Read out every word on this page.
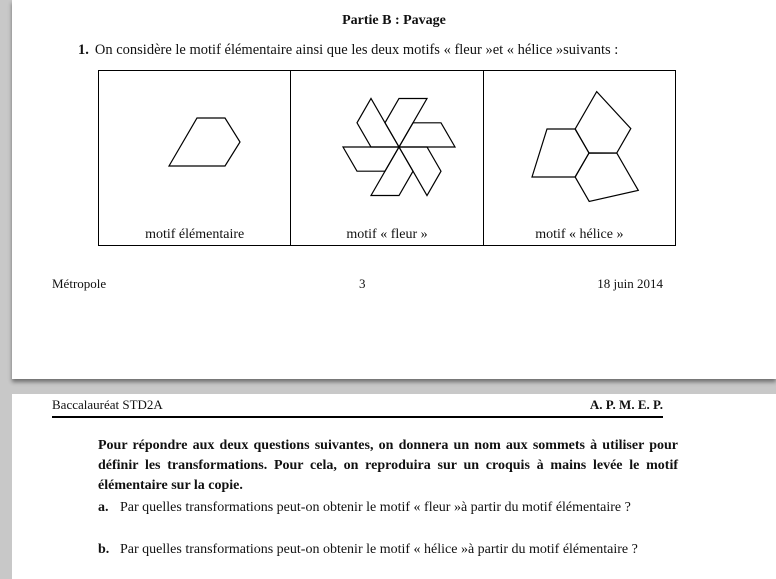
Partie B : Pavage
1. On considère le motif élémentaire ainsi que les deux motifs « fleur »et « hélice »suivants :
motif élémentaire	motif « fleur »	motif « hélice »
Métropole	3	18 juin 2014
Baccalauréat STD2A	A. P. M. E. P.
Pour répondre aux deux questions suivantes, on donnera un nom aux sommets à utiliser pour définir les transformations. Pour cela, on reproduira sur un croquis à mains levée le motif élémentaire sur la copie.
a. Par quelles transformations peut-on obtenir le motif « fleur »à partir du motif élémentaire ?
b. Par quelles transformations peut-on obtenir le motif « hélice »à partir du motif élémentaire ?
